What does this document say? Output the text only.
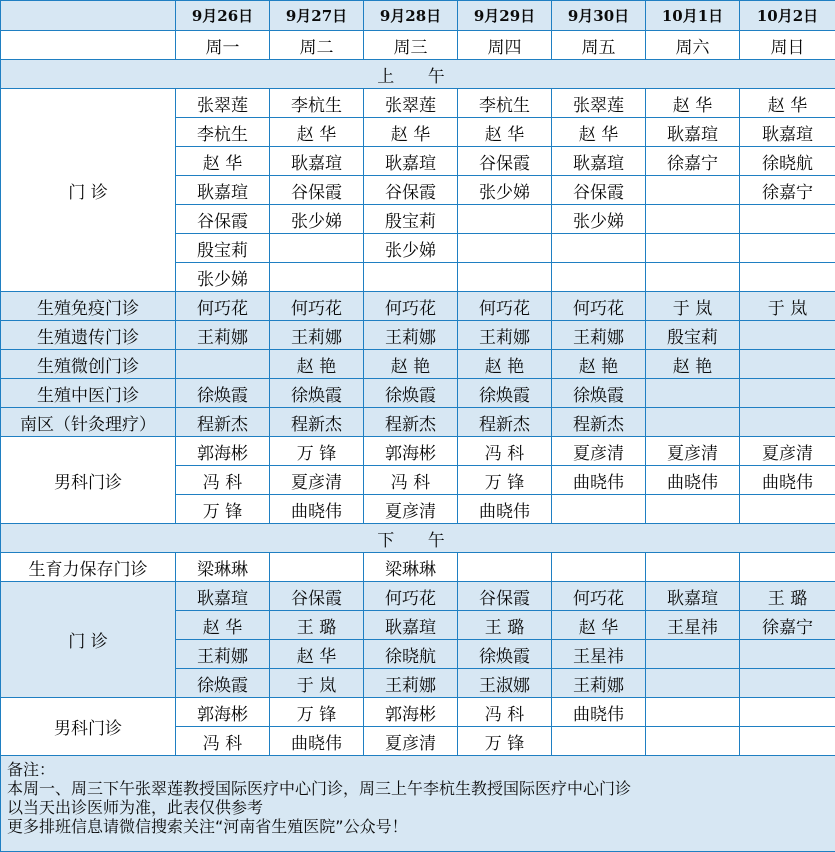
	9月26日	9月27日	9月28日	9月29日	9月30日	10月1日	10月2日
	周一	周二	周三	周四	周五	周六	周日
上 午							
门 诊	张翠莲	李杭生	张翠莲	李杭生	张翠莲	赵 华	赵 华
	李杭生	赵 华	赵 华	赵 华	赵 华	耿嘉瑄	耿嘉瑄
	赵 华	耿嘉瑄	耿嘉瑄	谷保霞	耿嘉瑄	徐嘉宁	徐晓航
	耿嘉瑄	谷保霞	谷保霞	张少娣	谷保霞		徐嘉宁
	谷保霞	张少娣	殷宝莉		张少娣		
	殷宝莉		张少娣				
	张少娣						
生殖免疫门诊	何巧花	何巧花	何巧花	何巧花	何巧花	于 岚	于 岚
生殖遗传门诊	王莉娜	王莉娜	王莉娜	王莉娜	王莉娜	殷宝莉	
生殖微创门诊		赵 艳	赵 艳	赵 艳	赵 艳	赵 艳	
生殖中医门诊	徐焕霞	徐焕霞	徐焕霞	徐焕霞	徐焕霞		
南区（针灸理疗）	程新杰	程新杰	程新杰	程新杰	程新杰		
男科门诊	郭海彬	万 锋	郭海彬	冯 科	夏彦清	夏彦清	夏彦清
	冯 科	夏彦清	冯 科	万 锋	曲晓伟	曲晓伟	曲晓伟
	万 锋	曲晓伟	夏彦清	曲晓伟			
下 午							
生育力保存门诊	梁琳琳		梁琳琳				
门 诊	耿嘉瑄	谷保霞	何巧花	谷保霞	何巧花	耿嘉瑄	王 璐
	赵 华	王 璐	耿嘉瑄	王 璐	赵 华	王星祎	徐嘉宁
	王莉娜	赵 华	徐晓航	徐焕霞	王星祎		
	徐焕霞	于 岚	王莉娜	王淑娜	王莉娜		
男科门诊	郭海彬	万 锋	郭海彬	冯 科	曲晓伟		
	冯 科	曲晓伟	夏彦清	万 锋			

备注：
本周一、周三下午张翠莲教授国际医疗中心门诊，周三上午李杭生教授国际医疗中心门诊
以当天出诊医师为准，此表仅供参考
更多排班信息请微信搜索关注“河南省生殖医院”公众号！							
